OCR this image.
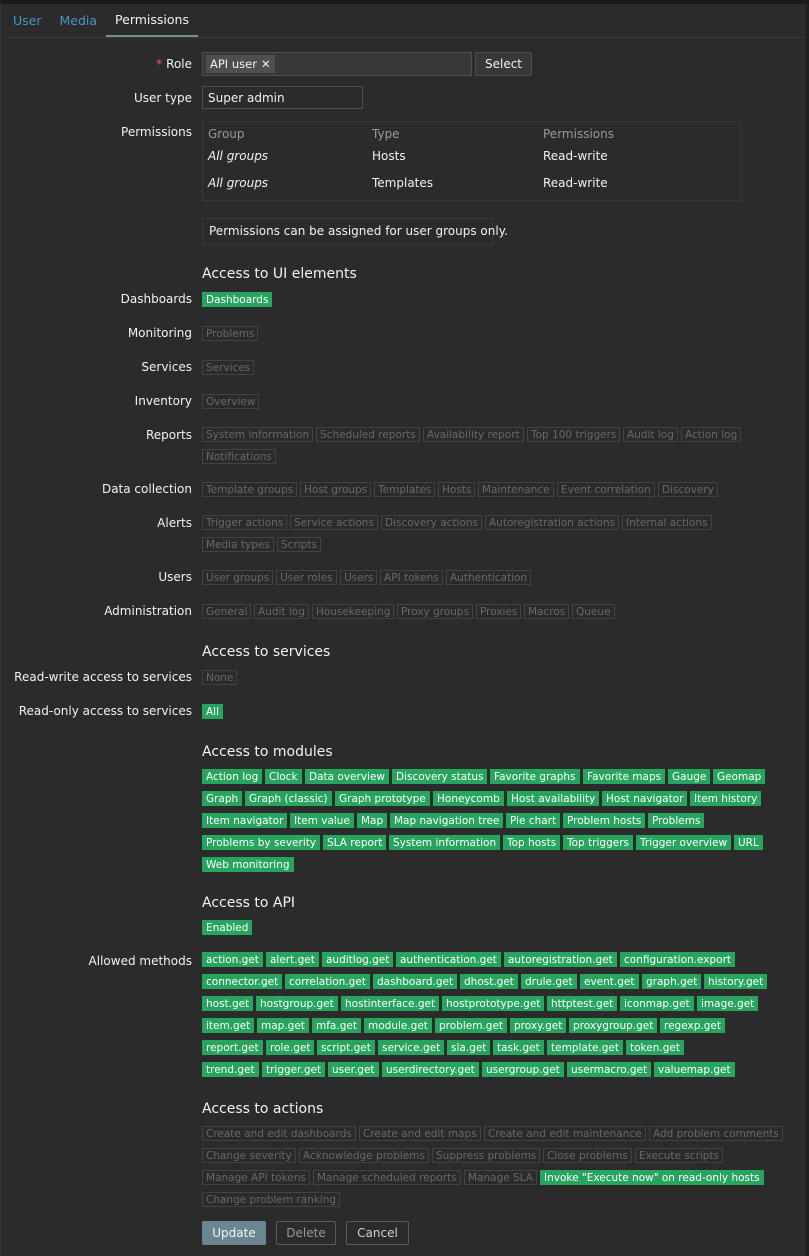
User	Media	Permissions
* Role	API user ✕	Select
User type	Super admin
Permissions Group	Type	Permissions
All groups	Hosts	Read-write
All groups	Templates	Read-write
Permissions can be assigned for user groups only.
Access to UI elements
Dashboards	Dashboards
Monitoring	Problems
Services	Services
Inventory	Overview
Reports	System information	Scheduled reports	Availability report	Top 100 triggers	Audit log	Action log
Notifications
Data collection	Template groups	Host groups	Templates	Hosts	Maintenance	Event correlation	Discovery
Alerts	Trigger actions	Service actions	Discovery actions	Autoregistration actions	Internal actions
Media types	Scripts
Users	User groups	User roles	Users	API tokens	Authentication
Administration	General	Audit log	Housekeeping	Proxy groups	Proxies	Macros	Queue
Access to services
Read-write access to services	None
Read-only access to services	All
Access to modules
Action log	Clock	Data overview	Discovery status	Favorite graphs	Favorite maps	Gauge	Geomap
Graph	Graph (classic)	Graph prototype	Honeycomb	Host availability	Host navigator	Item history
Item navigator	Item value	Map	Map navigation tree	Pie chart	Problem hosts	Problems
Problems by severity	SLA report	System information	Top hosts	Top triggers	Trigger overview	URL
Web monitoring
Access to API
Enabled
Allowed methods	action.get	alert.get	auditlog.get	authentication.get	autoregistration.get	configuration.export
connector.get	correlation.get	dashboard.get	dhost.get	drule.get	event.get	graph.get	history.get
host.get	hostgroup.get	hostinterface.get	hostprototype.get	httptest.get	iconmap.get	image.get
item.get	map.get	mfa.get	module.get	problem.get	proxy.get	proxygroup.get	regexp.get
report.get	role.get	script.get	service.get	sla.get	task.get	template.get	token.get
trend.get	trigger.get	user.get	userdirectory.get	usergroup.get	usermacro.get	valuemap.get
Access to actions
Create and edit dashboards	Create and edit maps	Create and edit maintenance	Add problem comments
Change severity	Acknowledge problems	Suppress problems	Close problems	Execute scripts
Manage API tokens	Manage scheduled reports	Manage SLA	Invoke "Execute now" on read-only hosts
Change problem ranking
Update	Delete	Cancel
